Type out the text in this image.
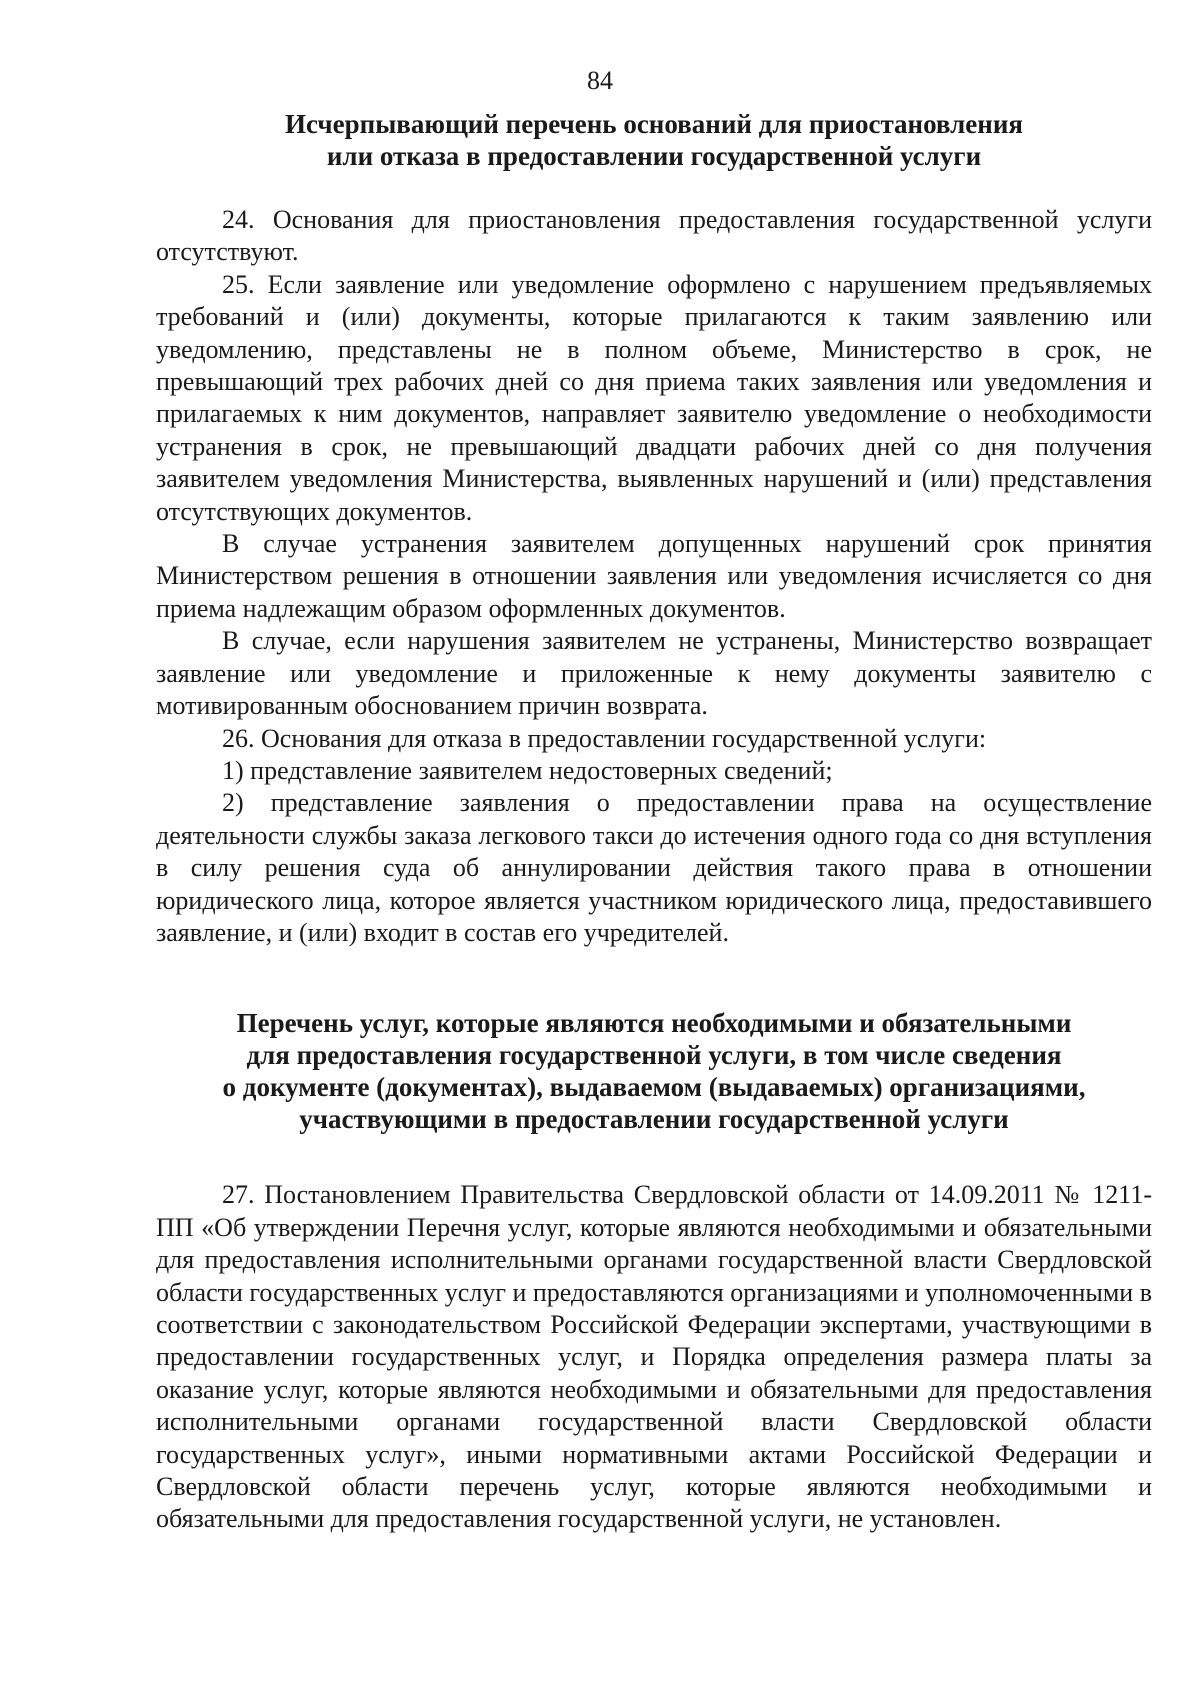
84
Исчерпывающий перечень оснований для приостановления
или отказа в предоставлении государственной услуги

24. Основания для приостановления предоставления государственной услуги отсутствуют.

25. Если заявление или уведомление оформлено с нарушением предъявляемых требований и (или) документы, которые прилагаются к таким заявлению или уведомлению, представлены не в полном объеме, Министерство в срок, не превышающий трех рабочих дней со дня приема таких заявления или уведомления и прилагаемых к ним документов, направляет заявителю уведомление о необходимости устранения в срок, не превышающий двадцати рабочих дней со дня получения заявителем уведомления Министерства, выявленных нарушений и (или) представления отсутствующих документов.

В случае устранения заявителем допущенных нарушений срок принятия Министерством решения в отношении заявления или уведомления исчисляется со дня приема надлежащим образом оформленных документов.

В случае, если нарушения заявителем не устранены, Министерство возвращает заявление или уведомление и приложенные к нему документы заявителю с мотивированным обоснованием причин возврата.

26. Основания для отказа в предоставлении государственной услуги:

1) представление заявителем недостоверных сведений;

2) представление заявления о предоставлении права на осуществление деятельности службы заказа легкового такси до истечения одного года со дня вступления в силу решения суда об аннулировании действия такого права в отношении юридического лица, которое является участником юридического лица, предоставившего заявление, и (или) входит в состав его учредителей.

Перечень услуг, которые являются необходимыми и обязательными
для предоставления государственной услуги, в том числе сведения
о документе (документах), выдаваемом (выдаваемых) организациями,
участвующими в предоставлении государственной услуги

27. Постановлением Правительства Свердловской области от 14.09.2011 № 1211-ПП «Об утверждении Перечня услуг, которые являются необходимыми и обязательными для предоставления исполнительными органами государственной власти Свердловской области государственных услуг и предоставляются организациями и уполномоченными в соответствии с законодательством Российской Федерации экспертами, участвующими в предоставлении государственных услуг, и Порядка определения размера платы за оказание услуг, которые являются необходимыми и обязательными для предоставления исполнительными органами государственной власти Свердловской области государственных услуг», иными нормативными актами Российской Федерации и Свердловской области перечень услуг, которые являются необходимыми и обязательными для предоставления государственной услуги, не установлен.
